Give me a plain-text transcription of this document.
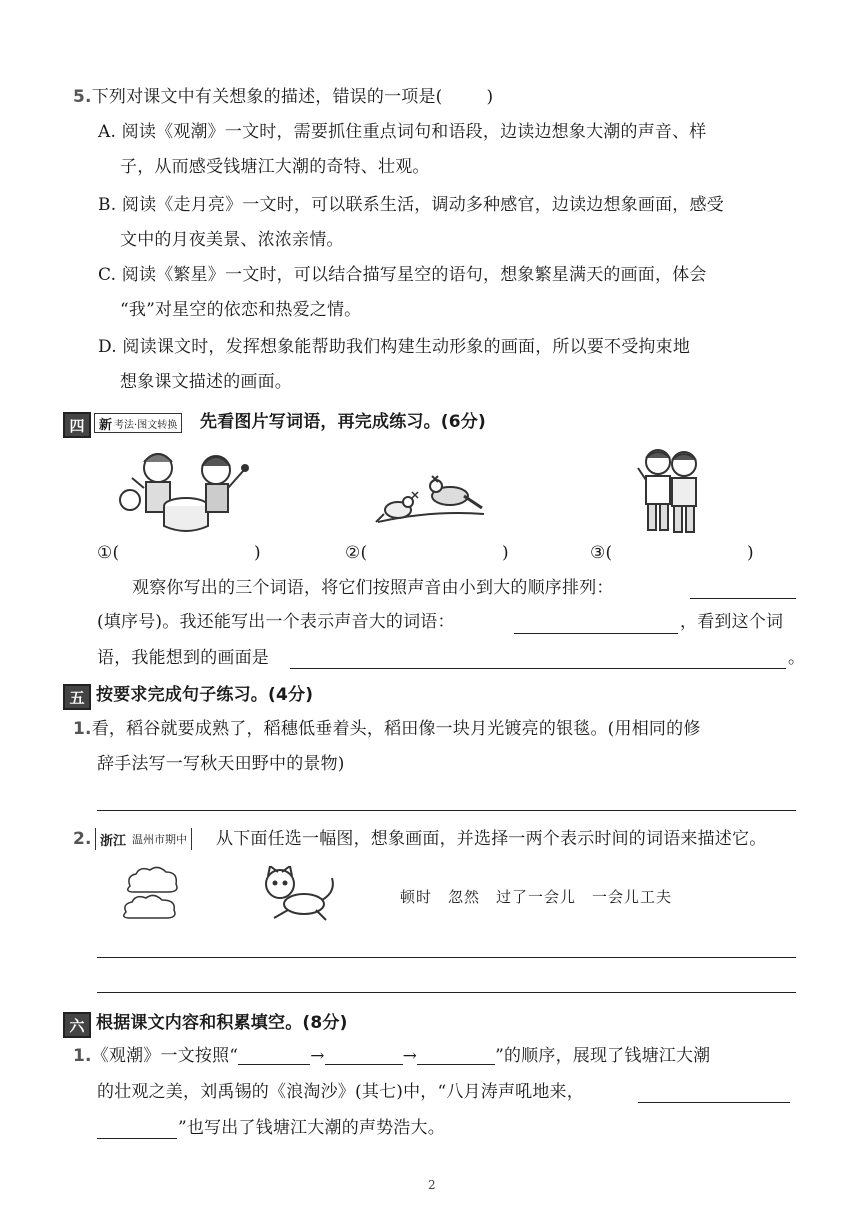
5.下列对课文中有关想象的描述，错误的一项是(	)
A. 阅读《观潮》一文时，需要抓住重点词句和语段，边读边想象大潮的声音、样
子，从而感受钱塘江大潮的奇特、壮观。
B. 阅读《走月亮》一文时，可以联系生活，调动多种感官，边读边想象画面，感受
文中的月夜美景、浓浓亲情。
C. 阅读《繁星》一文时，可以结合描写星空的语句，想象繁星满天的画面，体会
“我”对星空的依恋和热爱之情。
D. 阅读课文时，发挥想象能帮助我们构建生动形象的画面，所以要不受拘束地
想象课文描述的画面。
四	新 考法·图文转换 先看图片写词语，再完成练习。(6分)
①(	)	②(	)	③(	)
观察你写出的三个词语，将它们按照声音由小到大的顺序排列：
(填序号)。我还能写出一个表示声音大的词语：	，看到这个词
语，我能想到的画面是	。
五 按要求完成句子练习。(4分)
1.看，稻谷就要成熟了，稻穗低垂着头，稻田像一块月光镀亮的银毯。(用相同的修
辞手法写一写秋天田野中的景物)
2. 浙江 温州市期中 从下面任选一幅图，想象画面，并选择一两个表示时间的词语来描述它。
顿时　忽然　过了一会儿　一会儿工夫
六 根据课文内容和积累填空。(8分)
1.《观潮》一文按照“	→	→	”的顺序，展现了钱塘江大潮
的壮观之美，刘禹锡的《浪淘沙》(其七)中，“八月涛声吼地来，
”也写出了钱塘江大潮的声势浩大。
2
